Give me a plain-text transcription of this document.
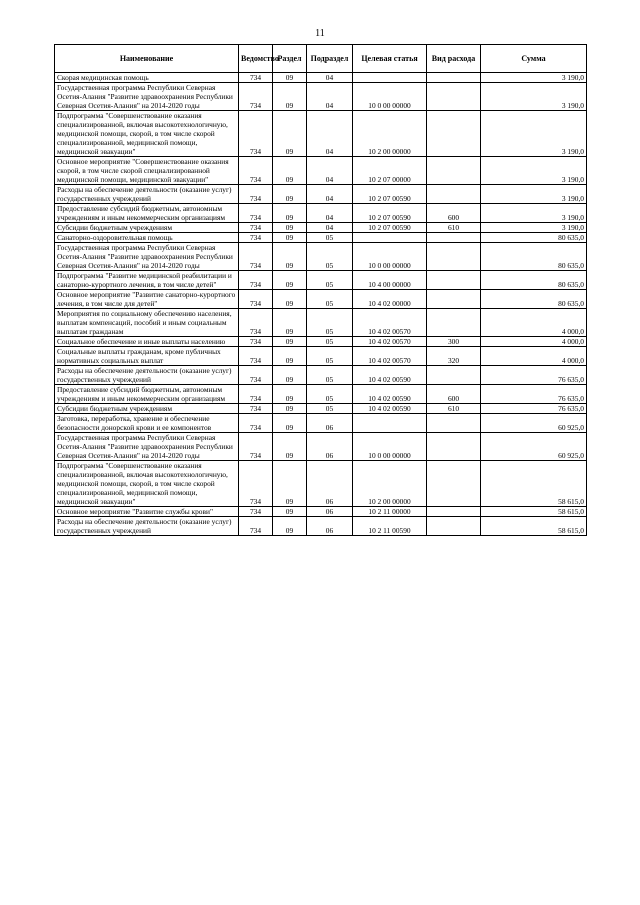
11
Наименование	Ведомство	Раздел	Подраздел	Целевая статья	Вид расхода	Сумма
Скорая медицинская помощь	734	09	04			3 190,0
Государственная программа Республики Северная Осетия-Алания "Развитие здравоохранения Республики Северная Осетия-Алания" на 2014-2020 годы	734	09	04	10 0 00 00000		3 190,0
Подпрограмма "Совершенствование оказания специализированной, включая высокотехнологичную, медицинской помощи, скорой, в том числе скорой специализированной, медицинской помощи, медицинской эвакуации"	734	09	04	10 2 00 00000		3 190,0
Основное мероприятие "Совершенствование оказания скорой, в том числе скорой специализированной медицинской помощи, медицинской эвакуации"	734	09	04	10 2 07 00000		3 190,0
Расходы на обеспечение деятельности (оказание услуг) государственных учреждений	734	09	04	10 2 07 00590		3 190,0
Предоставление субсидий бюджетным, автономным учреждениям и иным некоммерческим организациям	734	09	04	10 2 07 00590	600	3 190,0
Субсидии бюджетным учреждениям	734	09	04	10 2 07 00590	610	3 190,0
Санаторно-оздоровительная помощь	734	09	05			80 635,0
Государственная программа Республики Северная Осетия-Алания "Развитие здравоохранения Республики Северная Осетия-Алания" на 2014-2020 годы	734	09	05	10 0 00 00000		80 635,0
Подпрограмма "Развитие медицинской реабилитации и санаторно-курортного лечения, в том числе детей"	734	09	05	10 4 00 00000		80 635,0
Основное мероприятие "Развитие санаторно-курортного лечения, в том числе для детей"	734	09	05	10 4 02 00000		80 635,0
Мероприятия по социальному обеспечению населения, выплатам компенсаций, пособий и иным социальным выплатам гражданам	734	09	05	10 4 02 00570		4 000,0
Социальное обеспечение и иные выплаты населению	734	09	05	10 4 02 00570	300	4 000,0
Социальные выплаты гражданам, кроме публичных нормативных социальных выплат	734	09	05	10 4 02 00570	320	4 000,0
Расходы на обеспечение деятельности (оказание услуг) государственных учреждений	734	09	05	10 4 02 00590		76 635,0
Предоставление субсидий бюджетным, автономным учреждениям и иным некоммерческим организациям	734	09	05	10 4 02 00590	600	76 635,0
Субсидии бюджетным учреждениям	734	09	05	10 4 02 00590	610	76 635,0
Заготовка, переработка, хранение и обеспечение безопасности донорской крови и ее компонентов	734	09	06			60 925,0
Государственная программа Республики Северная Осетия-Алания "Развитие здравоохранения Республики Северная Осетия-Алания" на 2014-2020 годы	734	09	06	10 0 00 00000		60 925,0
Подпрограмма "Совершенствование оказания специализированной, включая высокотехнологичную, медицинской помощи, скорой, в том числе скорой специализированной, медицинской помощи, медицинской эвакуации"	734	09	06	10 2 00 00000		58 615,0
Основное мероприятие "Развитие службы крови"	734	09	06	10 2 11 00000		58 615,0
Расходы на обеспечение деятельности (оказание услуг) государственных учреждений	734	09	06	10 2 11 00590		58 615,0
